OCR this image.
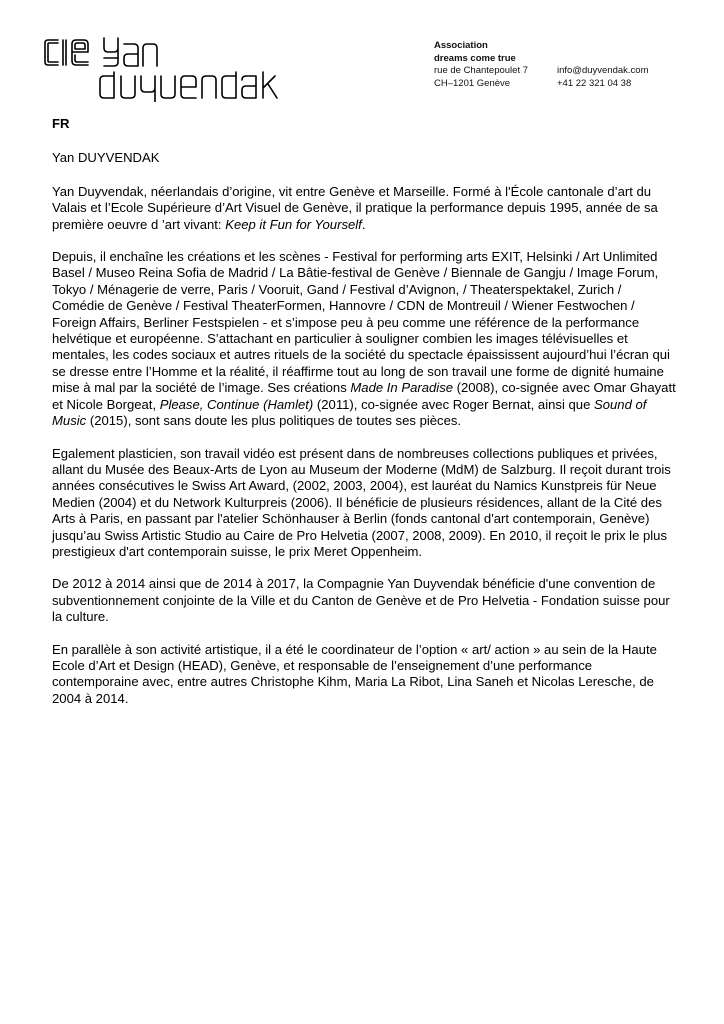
Association
dreams come true
rue de Chantepoulet 7	info@duyvendak.com
CH‒1201 Genève	+41 22 321 04 38

FR

Yan DUYVENDAK

Yan Duyvendak, néerlandais d’origine, vit entre Genève et Marseille. Formé à l'École cantonale d’art du Valais et l’Ecole Supérieure d’Art Visuel de Genève, il pratique la performance depuis 1995, année de sa première oeuvre d ’art vivant: Keep it Fun for Yourself.

Depuis, il enchaîne les créations et les scènes - Festival for performing arts EXIT, Helsinki / Art Unlimited Basel / Museo Reina Sofia de Madrid / La Bâtie-festival de Genève / Biennale de Gangju / Image Forum, Tokyo / Ménagerie de verre, Paris / Vooruit, Gand / Festival d’Avignon, / Theaterspektakel, Zurich / Comédie de Genève / Festival TheaterFormen, Hannovre / CDN de Montreuil / Wiener Festwochen / Foreign Affairs, Berliner Festspielen - et s’impose peu à peu comme une référence de la performance helvétique et européenne. S’attachant en particulier à souligner combien les images télévisuelles et mentales, les codes sociaux et autres rituels de la société du spectacle épaississent aujourd’hui l’écran qui se dresse entre l’Homme et la réalité, il réaffirme tout au long de son travail une forme de dignité humaine mise à mal par la société de l’image. Ses créations Made In Paradise (2008), co-signée avec Omar Ghayatt et Nicole Borgeat, Please, Continue (Hamlet) (2011), co-signée avec Roger Bernat, ainsi que Sound of Music (2015), sont sans doute les plus politiques de toutes ses pièces.

Egalement plasticien, son travail vidéo est présent dans de nombreuses collections publiques et privées, allant du Musée des Beaux-Arts de Lyon au Museum der Moderne (MdM) de Salzburg. Il reçoit durant trois années consécutives le Swiss Art Award, (2002, 2003, 2004), est lauréat du Namics Kunstpreis für Neue Medien (2004) et du Network Kulturpreis (2006). Il bénéficie de plusieurs résidences, allant de la Cité des Arts à Paris, en passant par l'atelier Schönhauser à Berlin (fonds cantonal d'art contemporain, Genève) jusqu’au Swiss Artistic Studio au Caire de Pro Helvetia (2007, 2008, 2009). En 2010, il reçoit le prix le plus prestigieux d'art contemporain suisse, le prix Meret Oppenheim.

De 2012 à 2014 ainsi que de 2014 à 2017, la Compagnie Yan Duyvendak bénéficie d'une convention de subventionnement conjointe de la Ville et du Canton de Genève et de Pro Helvetia - Fondation suisse pour la culture.

En parallèle à son activité artistique, il a été le coordinateur de l’option « art/ action » au sein de la Haute Ecole d’Art et Design (HEAD), Genève, et responsable de l’enseignement d’une performance contemporaine avec, entre autres Christophe Kihm, Maria La Ribot, Lina Saneh et Nicolas Leresche, de 2004 à 2014.
